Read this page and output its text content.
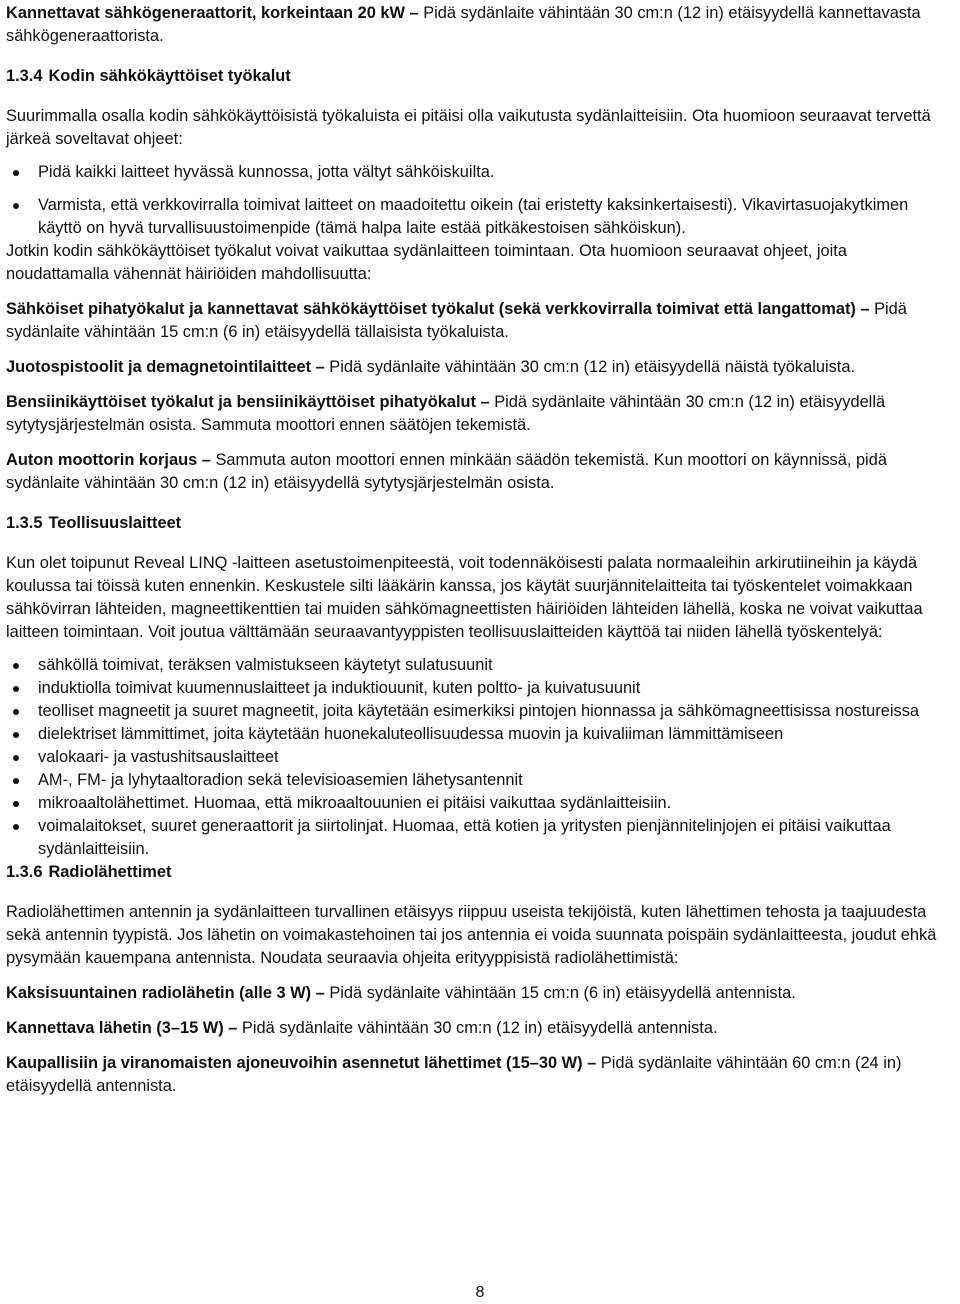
Kannettavat sähkögeneraattorit, korkeintaan 20 kW – Pidä sydänlaite vähintään 30 cm:n (12 in) etäisyydellä kannettavasta sähkögeneraattorista.

1.3.4 Kodin sähkökäyttöiset työkalut

Suurimmalla osalla kodin sähkökäyttöisistä työkaluista ei pitäisi olla vaikutusta sydänlaitteisiin. Ota huomioon seuraavat tervettä järkeä soveltavat ohjeet:

Pidä kaikki laitteet hyvässä kunnossa, jotta vältyt sähköiskuilta.
Varmista, että verkkovirralla toimivat laitteet on maadoitettu oikein (tai eristetty kaksinkertaisesti). Vikavirtasuojakytkimen käyttö on hyvä turvallisuustoimenpide (tämä halpa laite estää pitkäkestoisen sähköiskun).

Jotkin kodin sähkökäyttöiset työkalut voivat vaikuttaa sydänlaitteen toimintaan. Ota huomioon seuraavat ohjeet, joita noudattamalla vähennät häiriöiden mahdollisuutta:

Sähköiset pihatyökalut ja kannettavat sähkökäyttöiset työkalut (sekä verkkovirralla toimivat että langattomat) – Pidä sydänlaite vähintään 15 cm:n (6 in) etäisyydellä tällaisista työkaluista.

Juotospistoolit ja demagnetointilaitteet – Pidä sydänlaite vähintään 30 cm:n (12 in) etäisyydellä näistä työkaluista.

Bensiinikäyttöiset työkalut ja bensiinikäyttöiset pihatyökalut – Pidä sydänlaite vähintään 30 cm:n (12 in) etäisyydellä sytytysjärjestelmän osista. Sammuta moottori ennen säätöjen tekemistä.

Auton moottorin korjaus – Sammuta auton moottori ennen minkään säädön tekemistä. Kun moottori on käynnissä, pidä sydänlaite vähintään 30 cm:n (12 in) etäisyydellä sytytysjärjestelmän osista.

1.3.5 Teollisuuslaitteet

Kun olet toipunut Reveal LINQ -laitteen asetustoimenpiteestä, voit todennäköisesti palata normaaleihin arkirutiineihin ja käydä koulussa tai töissä kuten ennenkin. Keskustele silti lääkärin kanssa, jos käytät suurjännitelaitteita tai työskentelet voimakkaan sähkövirran lähteiden, magneettikenttien tai muiden sähkömagneettisten häiriöiden lähteiden lähellä, koska ne voivat vaikuttaa laitteen toimintaan. Voit joutua välttämään seuraavantyyppisten teollisuuslaitteiden käyttöä tai niiden lähellä työskentelyä:

sähköllä toimivat, teräksen valmistukseen käytetyt sulatusuunit
induktiolla toimivat kuumennuslaitteet ja induktiouunit, kuten poltto- ja kuivatusuunit
teolliset magneetit ja suuret magneetit, joita käytetään esimerkiksi pintojen hionnassa ja sähkömagneettisissa nostureissa
dielektriset lämmittimet, joita käytetään huonekaluteollisuudessa muovin ja kuivaliiman lämmittämiseen
valokaari- ja vastushitsauslaitteet
AM-, FM- ja lyhytaaltoradion sekä televisioasemien lähetysantennit
mikroaaltolähettimet. Huomaa, että mikroaaltouunien ei pitäisi vaikuttaa sydänlaitteisiin.
voimalaitokset, suuret generaattorit ja siirtolinjat. Huomaa, että kotien ja yritysten pienjännitelinjojen ei pitäisi vaikuttaa sydänlaitteisiin.

1.3.6 Radiolähettimet

Radiolähettimen antennin ja sydänlaitteen turvallinen etäisyys riippuu useista tekijöistä, kuten lähettimen tehosta ja taajuudesta sekä antennin tyypistä. Jos lähetin on voimakastehoinen tai jos antennia ei voida suunnata poispäin sydänlaitteesta, joudut ehkä pysymään kauempana antennista. Noudata seuraavia ohjeita erityyppisistä radiolähettimistä:

Kaksisuuntainen radiolähetin (alle 3 W) – Pidä sydänlaite vähintään 15 cm:n (6 in) etäisyydellä antennista.

Kannettava lähetin (3–15 W) – Pidä sydänlaite vähintään 30 cm:n (12 in) etäisyydellä antennista.

Kaupallisiin ja viranomaisten ajoneuvoihin asennetut lähettimet (15–30 W) – Pidä sydänlaite vähintään 60 cm:n (24 in) etäisyydellä antennista.

8
